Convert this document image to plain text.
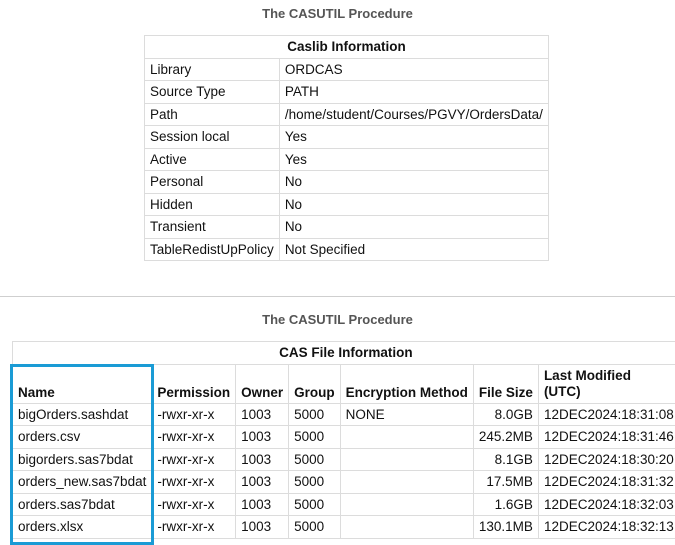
The CASUTIL Procedure
Caslib Information	
Library	ORDCAS
Source Type	PATH
Path	/home/student/Courses/PGVY/OrdersData/
Session local	Yes
Active	Yes
Personal	No
Hidden	No
Transient	No
TableRedistUpPolicy	Not Specified
The CASUTIL Procedure
CAS File Information						
Name	Permission	Owner	Group	Encryption Method	File Size	Last Modified
(UTC)
bigOrders.sashdat	-rwxr-xr-x	1003	5000	NONE	8.0GB	12DEC2024:18:31:08
orders.csv	-rwxr-xr-x	1003	5000		245.2MB	12DEC2024:18:31:46
bigorders.sas7bdat	-rwxr-xr-x	1003	5000		8.1GB	12DEC2024:18:30:20
orders_new.sas7bdat	-rwxr-xr-x	1003	5000		17.5MB	12DEC2024:18:31:32
orders.sas7bdat	-rwxr-xr-x	1003	5000		1.6GB	12DEC2024:18:32:03
orders.xlsx	-rwxr-xr-x	1003	5000		130.1MB	12DEC2024:18:32:13
